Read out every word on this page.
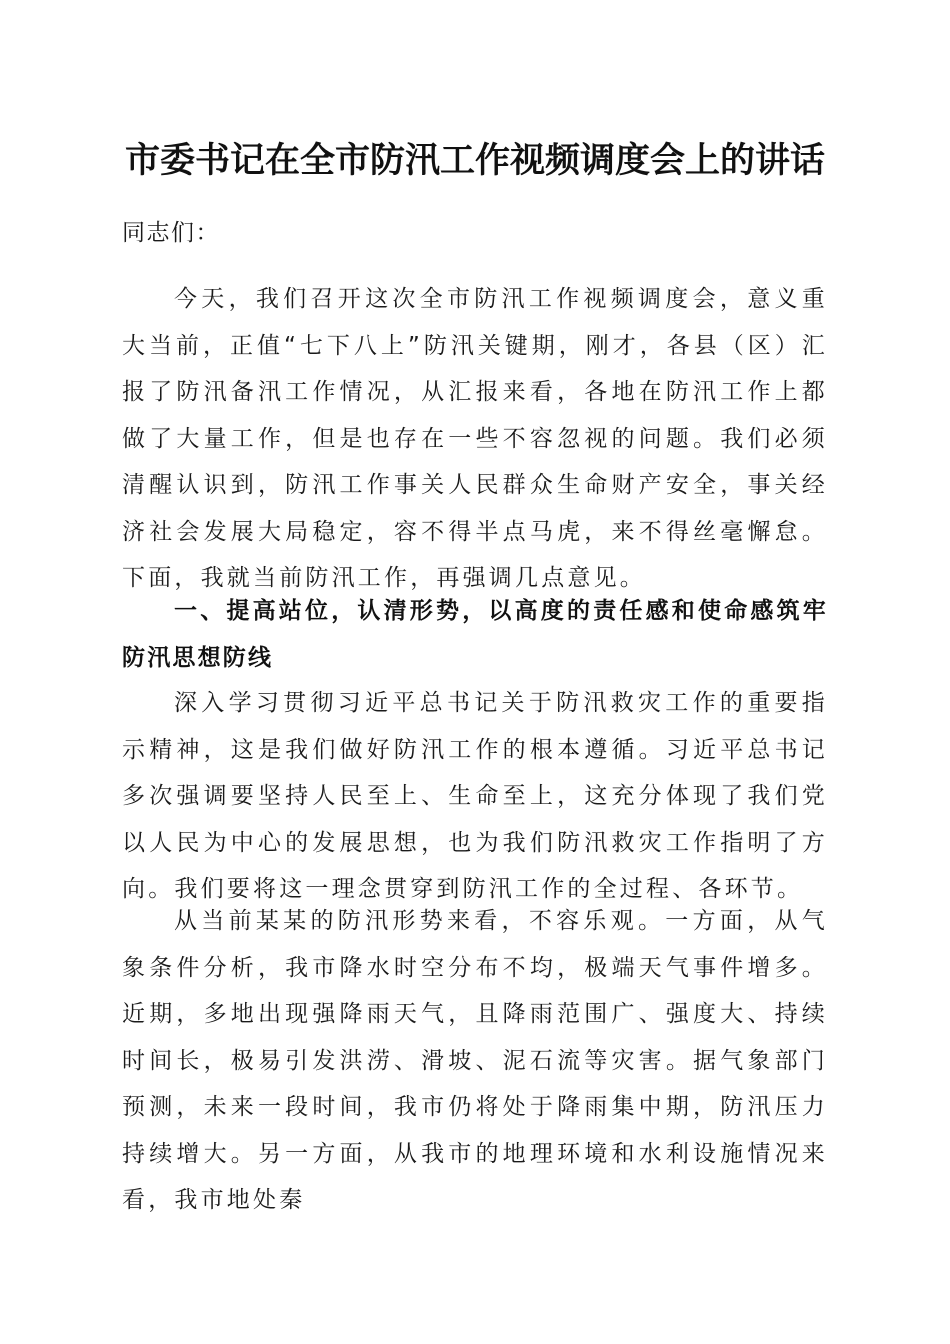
市委书记在全市防汛工作视频调度会上的讲话

同志们：

今天，我们召开这次全市防汛工作视频调度会，意义重大当前，正值“七下八上”防汛关键期，刚才，各县（区）汇报了防汛备汛工作情况，从汇报来看，各地在防汛工作上都做了大量工作，但是也存在一些不容忽视的问题。我们必须清醒认识到，防汛工作事关人民群众生命财产安全，事关经济社会发展大局稳定，容不得半点马虎，来不得丝毫懈怠。下面，我就当前防汛工作，再强调几点意见。

一、提高站位，认清形势，以高度的责任感和使命感筑牢防汛思想防线

深入学习贯彻习近平总书记关于防汛救灾工作的重要指示精神，这是我们做好防汛工作的根本遵循。习近平总书记多次强调要坚持人民至上、生命至上，这充分体现了我们党以人民为中心的发展思想，也为我们防汛救灾工作指明了方向。我们要将这一理念贯穿到防汛工作的全过程、各环节。

从当前某某的防汛形势来看，不容乐观。一方面，从气象条件分析，我市降水时空分布不均，极端天气事件增多。近期，多地出现强降雨天气，且降雨范围广、强度大、持续时间长，极易引发洪涝、滑坡、泥石流等灾害。据气象部门预测，未来一段时间，我市仍将处于降雨集中期，防汛压力持续增大。另一方面，从我市的地理环境和水利设施情况来看，我市地处秦
